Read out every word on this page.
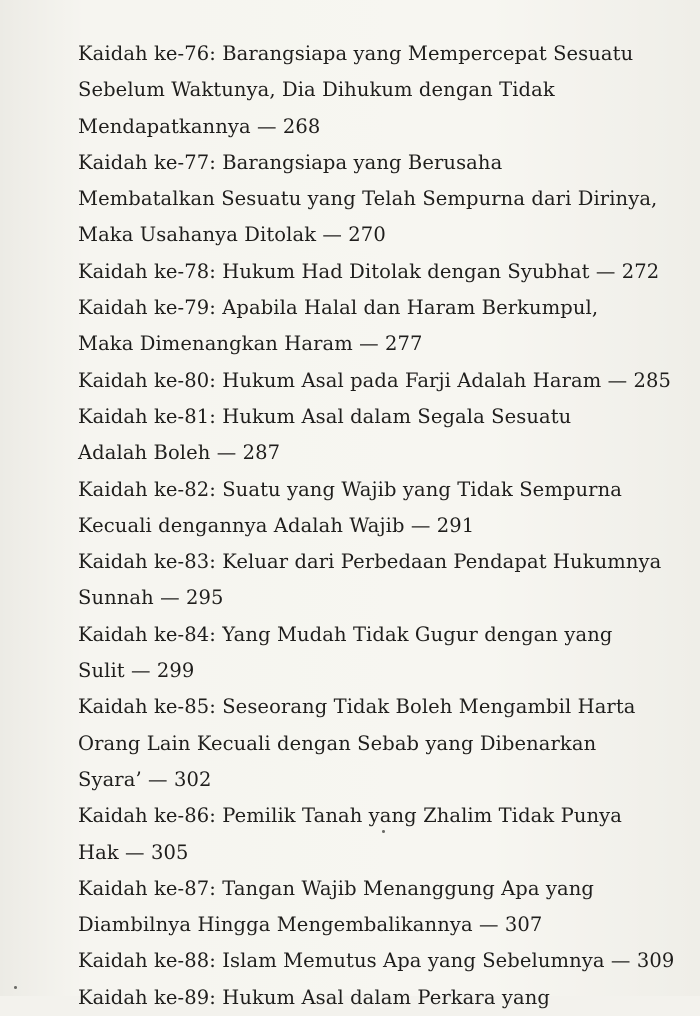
Kaidah ke-76: Barangsiapa yang Mempercepat Sesuatu
Sebelum Waktunya, Dia Dihukum dengan Tidak
Mendapatkannya — 268
Kaidah ke-77: Barangsiapa yang Berusaha
Membatalkan Sesuatu yang Telah Sempurna dari Dirinya,
Maka Usahanya Ditolak — 270
Kaidah ke-78: Hukum Had Ditolak dengan Syubhat — 272
Kaidah ke-79: Apabila Halal dan Haram Berkumpul,
Maka Dimenangkan Haram — 277
Kaidah ke-80: Hukum Asal pada Farji Adalah Haram — 285
Kaidah ke-81: Hukum Asal dalam Segala Sesuatu
Adalah Boleh — 287
Kaidah ke-82: Suatu yang Wajib yang Tidak Sempurna
Kecuali dengannya Adalah Wajib — 291
Kaidah ke-83: Keluar dari Perbedaan Pendapat Hukumnya
Sunnah — 295
Kaidah ke-84: Yang Mudah Tidak Gugur dengan yang
Sulit — 299
Kaidah ke-85: Seseorang Tidak Boleh Mengambil Harta
Orang Lain Kecuali dengan Sebab yang Dibenarkan
Syara’ — 302
Kaidah ke-86: Pemilik Tanah yang Zhalim Tidak Punya
Hak — 305
Kaidah ke-87: Tangan Wajib Menanggung Apa yang
Diambilnya Hingga Mengembalikannya — 307
Kaidah ke-88: Islam Memutus Apa yang Sebelumnya — 309
Kaidah ke-89: Hukum Asal dalam Perkara yang
